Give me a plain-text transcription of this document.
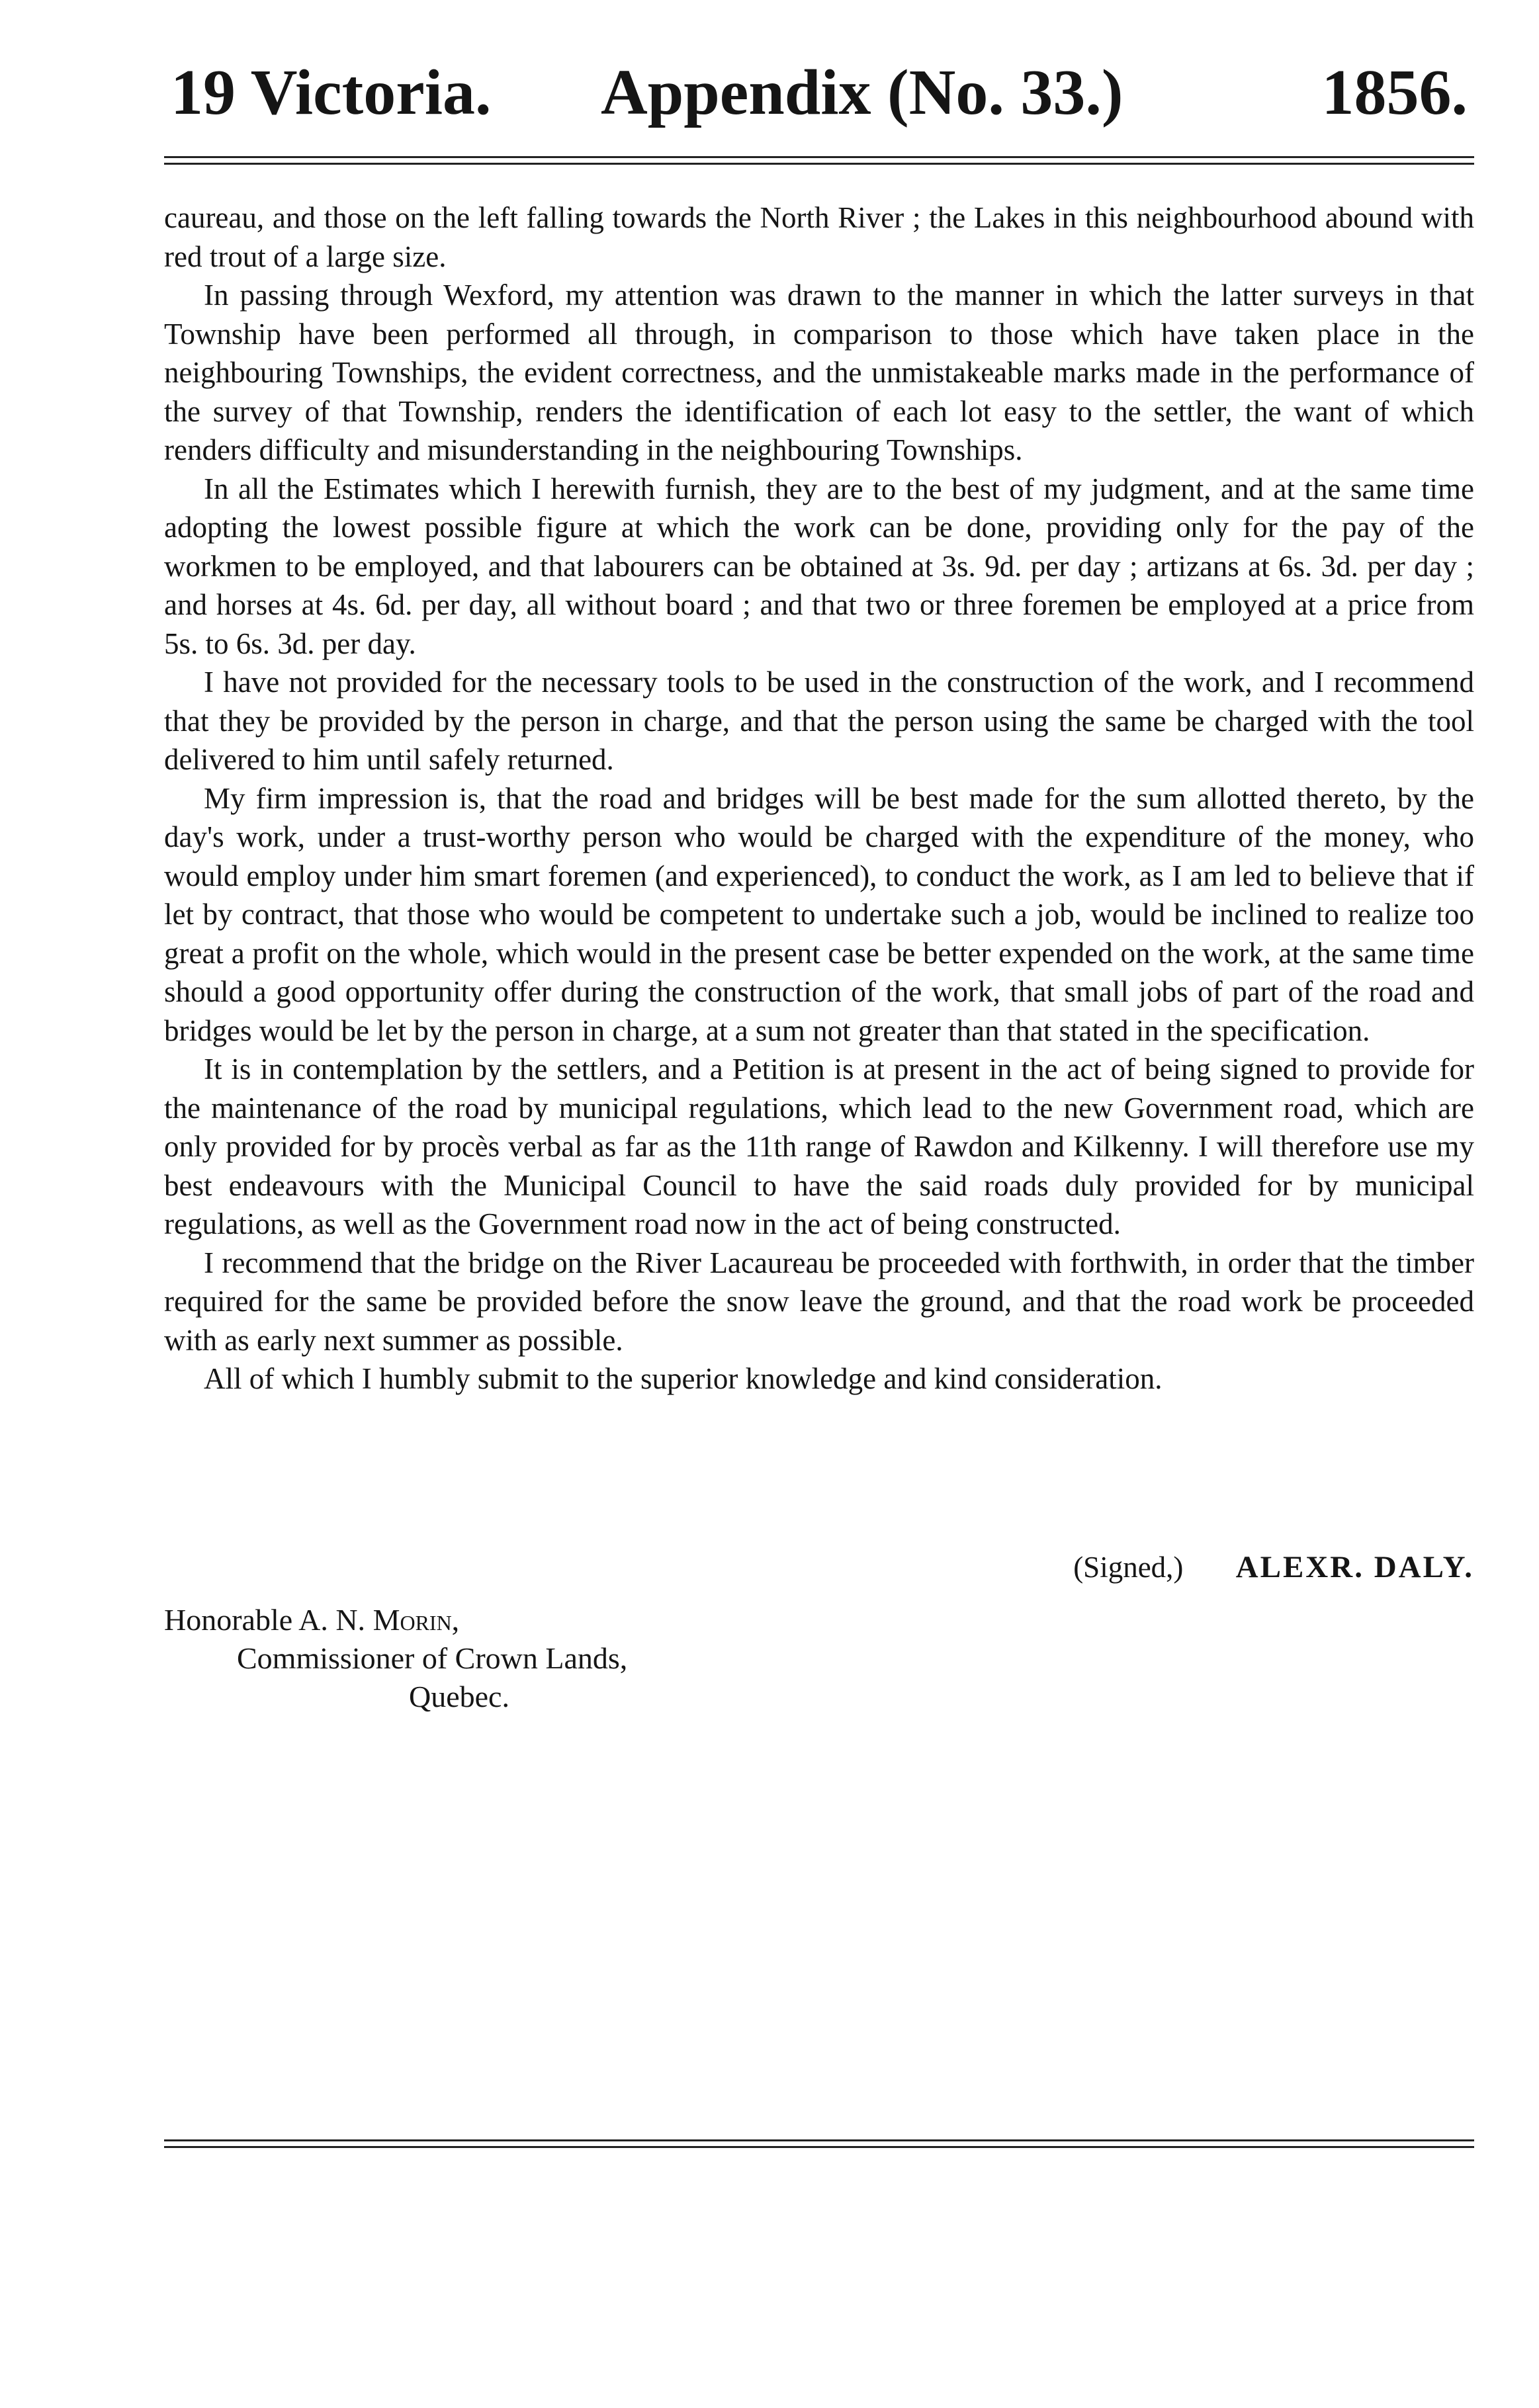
19 Victoria. Appendix (No. 33.)	1856.

caureau, and those on the left falling towards the North River ; the Lakes in this neighbourhood abound with red trout of a large size.

In passing through Wexford, my attention was drawn to the manner in which the latter surveys in that Township have been performed all through, in comparison to those which have taken place in the neighbouring Townships, the evident correctness, and the unmistakeable marks made in the performance of the survey of that Township, renders the identification of each lot easy to the settler, the want of which renders difficulty and misunderstanding in the neighbouring Townships.

In all the Estimates which I herewith furnish, they are to the best of my judgment, and at the same time adopting the lowest possible figure at which the work can be done, providing only for the pay of the workmen to be employed, and that labourers can be obtained at 3s. 9d. per day ; artizans at 6s. 3d. per day ; and horses at 4s. 6d. per day, all without board ; and that two or three foremen be employed at a price from 5s. to 6s. 3d. per day.

I have not provided for the necessary tools to be used in the construction of the work, and I recommend that they be provided by the person in charge, and that the person using the same be charged with the tool delivered to him until safely returned.

My firm impression is, that the road and bridges will be best made for the sum allotted thereto, by the day's work, under a trust-worthy person who would be charged with the expenditure of the money, who would employ under him smart foremen (and experienced), to conduct the work, as I am led to believe that if let by contract, that those who would be competent to undertake such a job, would be inclined to realize too great a profit on the whole, which would in the present case be better expended on the work, at the same time should a good opportunity offer during the construction of the work, that small jobs of part of the road and bridges would be let by the person in charge, at a sum not greater than that stated in the specification.

It is in contemplation by the settlers, and a Petition is at present in the act of being signed to provide for the maintenance of the road by municipal regulations, which lead to the new Government road, which are only provided for by procès verbal as far as the 11th range of Rawdon and Kilkenny. I will therefore use my best endeavours with the Municipal Council to have the said roads duly provided for by municipal regulations, as well as the Government road now in the act of being constructed.

I recommend that the bridge on the River Lacaureau be proceeded with forthwith, in order that the timber required for the same be provided before the snow leave the ground, and that the road work be proceeded with as early next summer as possible.

All of which I humbly submit to the superior knowledge and kind consideration.

(Signed,) ALEXR. DALY.
Honorable A. N. Morin,
Commissioner of Crown Lands,
Quebec.
